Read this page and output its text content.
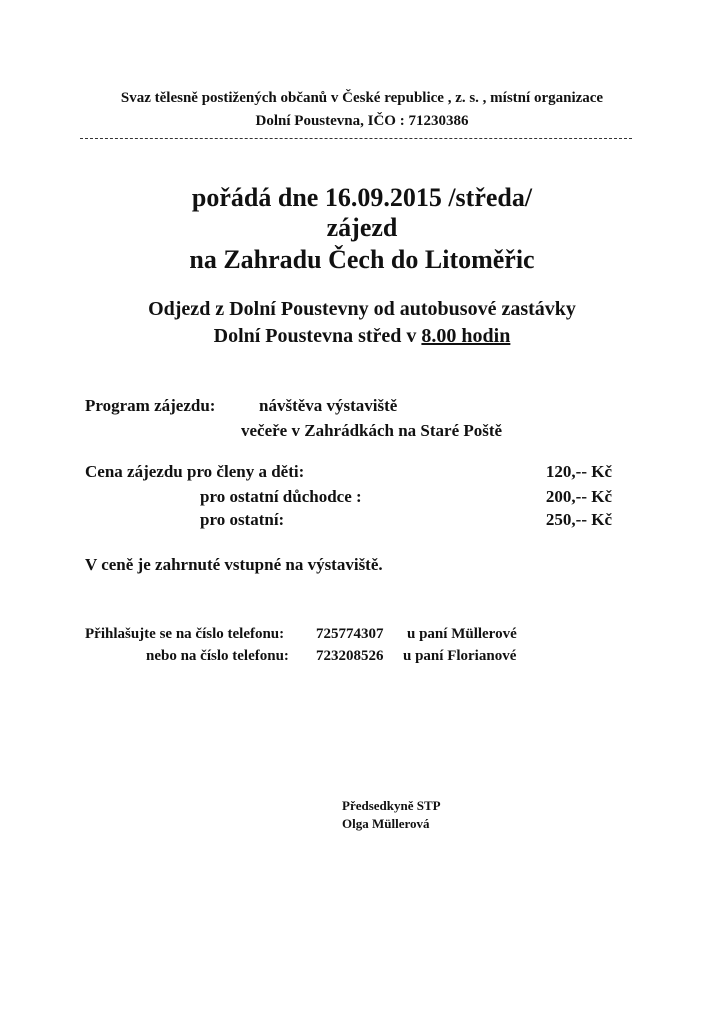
Svaz tělesně postižených občanů v České republice , z. s. , místní organizace
Dolní Poustevna, IČO : 71230386
pořádá dne 16.09.2015 /středa/
zájezd
na Zahradu Čech do Litoměřic
Odjezd z Dolní Poustevny od autobusové zastávky
Dolní Poustevna střed v 8.00 hodin
Program zájezdu:	návštěva výstaviště
večeře v Zahrádkách na Staré Poště
Cena zájezdu pro členy a děti:	120,-- Kč
pro ostatní důchodce :	200,-- Kč
pro ostatní:	250,-- Kč
V ceně je zahrnuté vstupné na výstaviště.
Přihlašujte se na číslo telefonu: 725774307 u paní Müllerové
nebo na číslo telefonu: 723208526 u paní Florianové
Předsedkyně STP
Olga Müllerová
